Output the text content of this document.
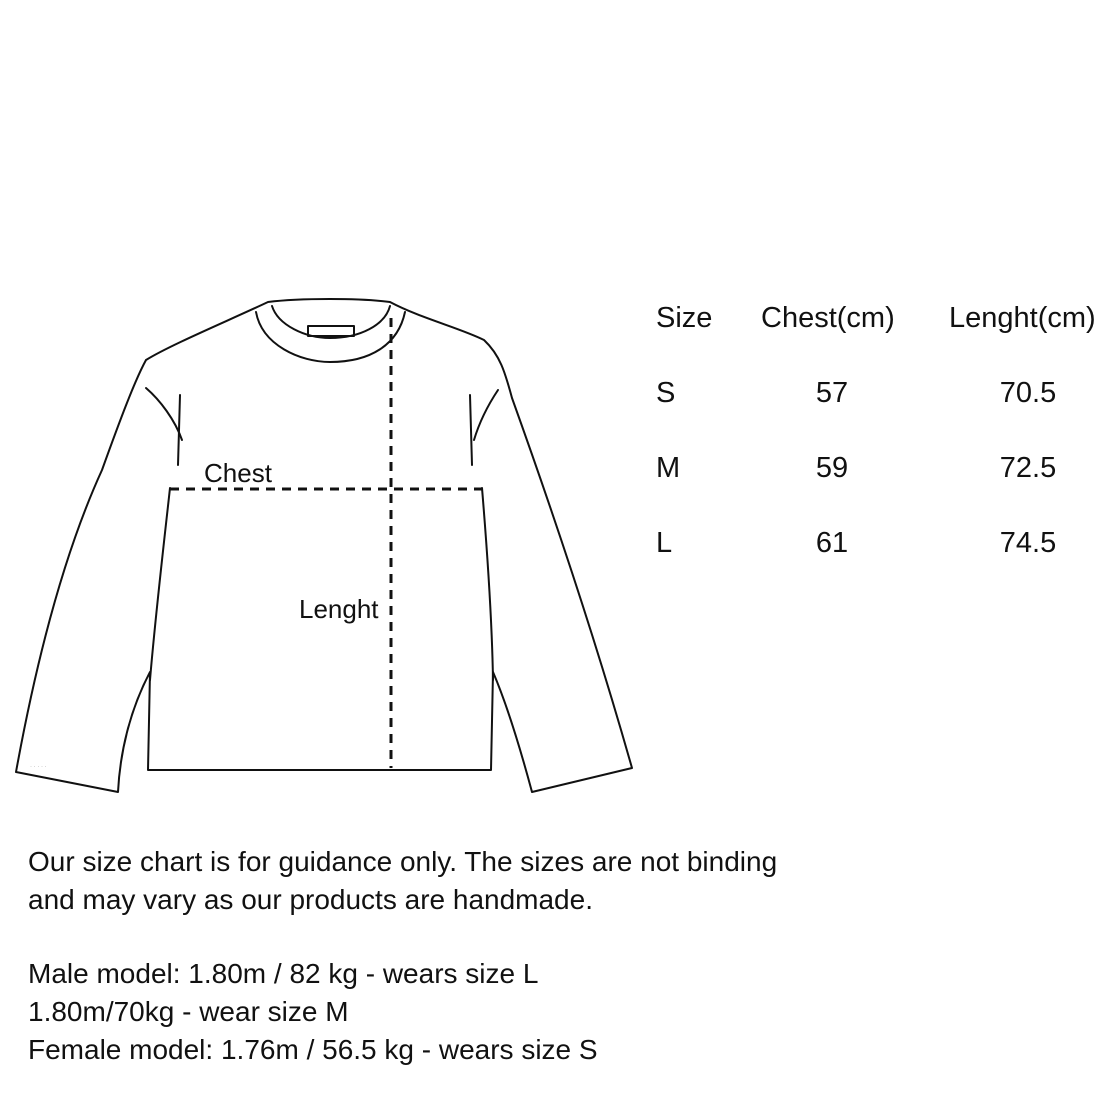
· · · · ·
Chest
Lenght
Size Chest(cm) Lenght(cm)
S	57	70.5
M	59	72.5
L	61	74.5

Our size chart is for guidance only. The sizes are not binding

and may vary as our products are handmade.

Male model: 1.80m / 82 kg - wears size L

1.80m/70kg - wear size M

Female model: 1.76m / 56.5 kg - wears size S
